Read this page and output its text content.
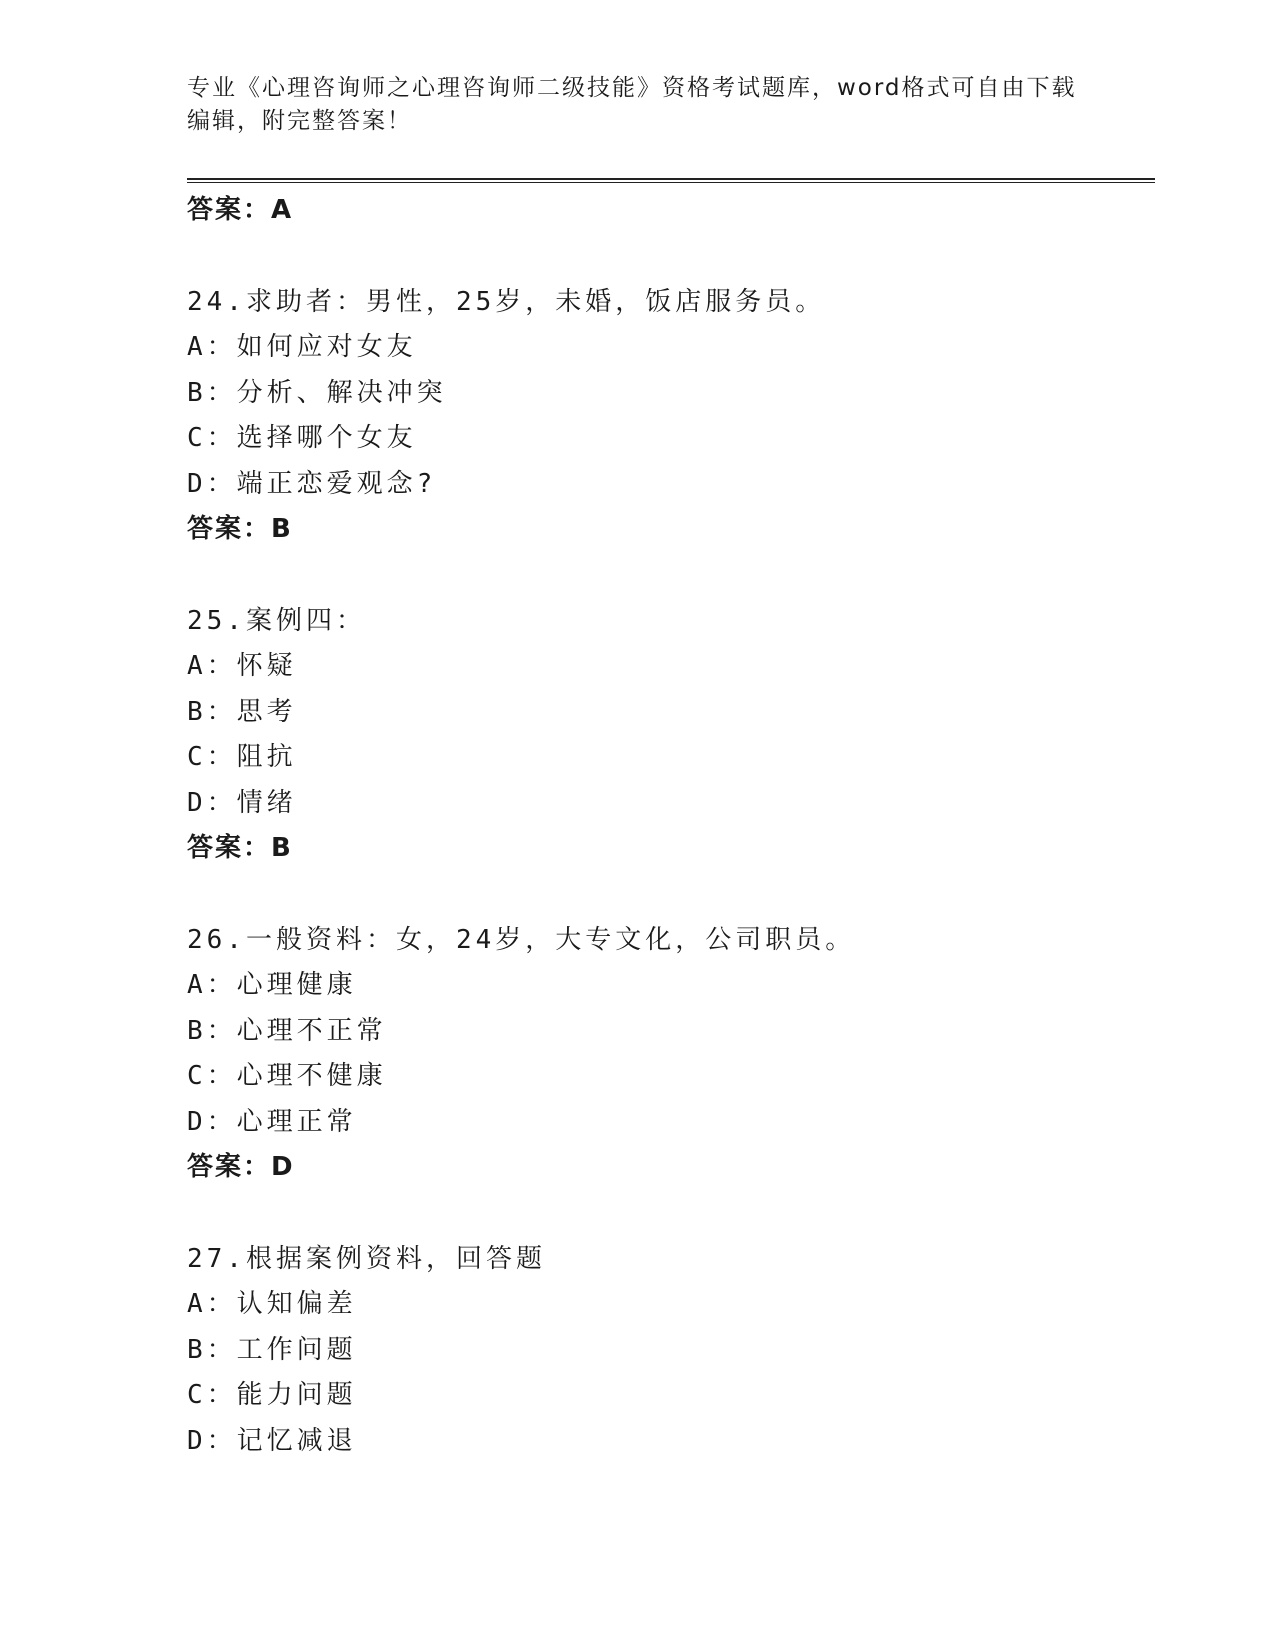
专业《心理咨询师之心理咨询师二级技能》资格考试题库，word格式可自由下载
编辑，附完整答案！
答案：A
24.求助者：男性，25岁，未婚，饭店服务员。
A：如何应对女友
B：分析、解决冲突
C：选择哪个女友
D：端正恋爱观念?
答案：B
25.案例四：
A：怀疑
B：思考
C：阻抗
D：情绪
答案：B
26.一般资料：女，24岁，大专文化，公司职员。
A：心理健康
B：心理不正常
C：心理不健康
D：心理正常
答案：D
27.根据案例资料，回答题
A：认知偏差
B：工作问题
C：能力问题
D：记忆减退
